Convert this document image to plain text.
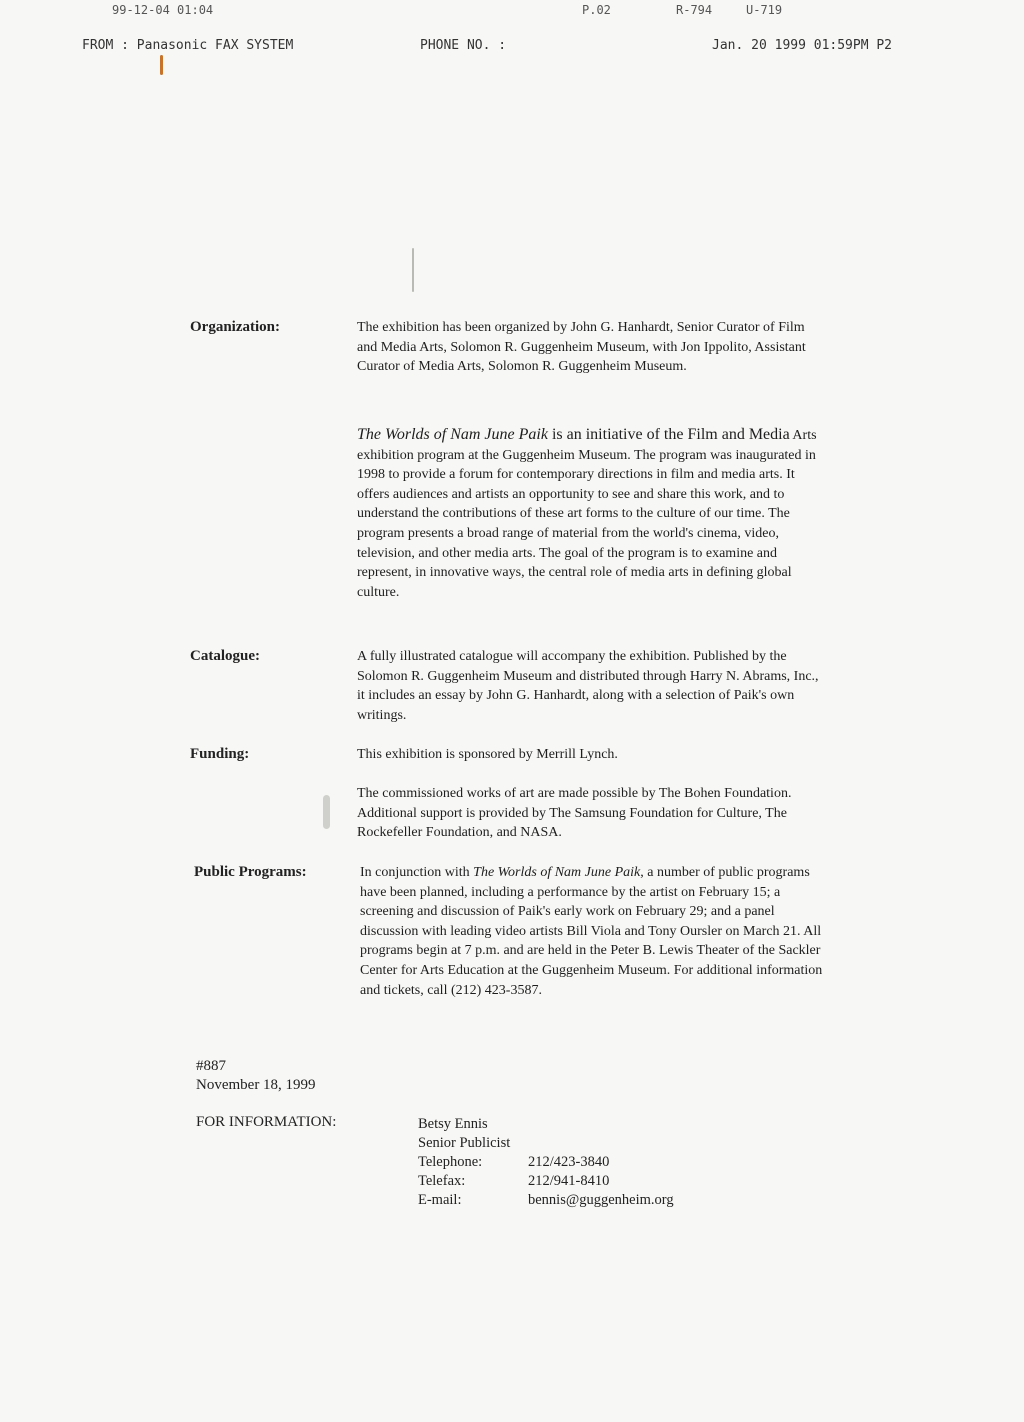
99-12-04 01:04	P.02	R-794	U-719
FROM : Panasonic FAX SYSTEM	PHONE NO. :	Jan. 20 1999 01:59PM P2
Organization:	The exhibition has been organized by John G. Hanhardt, Senior Curator of Film and Media Arts, Solomon R. Guggenheim Museum, with Jon Ippolito, Assistant Curator of Media Arts, Solomon R. Guggenheim Museum.

The Worlds of Nam June Paik is an initiative of the Film and Media Arts exhibition program at the Guggenheim Museum. The program was inaugurated in 1998 to provide a forum for contemporary directions in film and media arts. It offers audiences and artists an opportunity to see and share this work, and to understand the contributions of these art forms to the culture of our time. The program presents a broad range of material from the world's cinema, video, television, and other media arts. The goal of the program is to examine and represent, in innovative ways, the central role of media arts in defining global culture.

Catalogue:	A fully illustrated catalogue will accompany the exhibition. Published by the Solomon R. Guggenheim Museum and distributed through Harry N. Abrams, Inc., it includes an essay by John G. Hanhardt, along with a selection of Paik's own writings.

Funding:	This exhibition is sponsored by Merrill Lynch.

The commissioned works of art are made possible by The Bohen Foundation. Additional support is provided by The Samsung Foundation for Culture, The Rockefeller Foundation, and NASA.

Public Programs:	In conjunction with The Worlds of Nam June Paik, a number of public programs have been planned, including a performance by the artist on February 15; a screening and discussion of Paik's early work on February 29; and a panel discussion with leading video artists Bill Viola and Tony Oursler on March 21. All programs begin at 7 p.m. and are held in the Peter B. Lewis Theater of the Sackler Center for Arts Education at the Guggenheim Museum. For additional information and tickets, call (212) 423-3587.

#887
November 18, 1999
FOR INFORMATION:	Betsy Ennis
Senior Publicist
Telephone:	212/423-3840
Telefax:	212/941-8410
E-mail:	bennis@guggenheim.org
